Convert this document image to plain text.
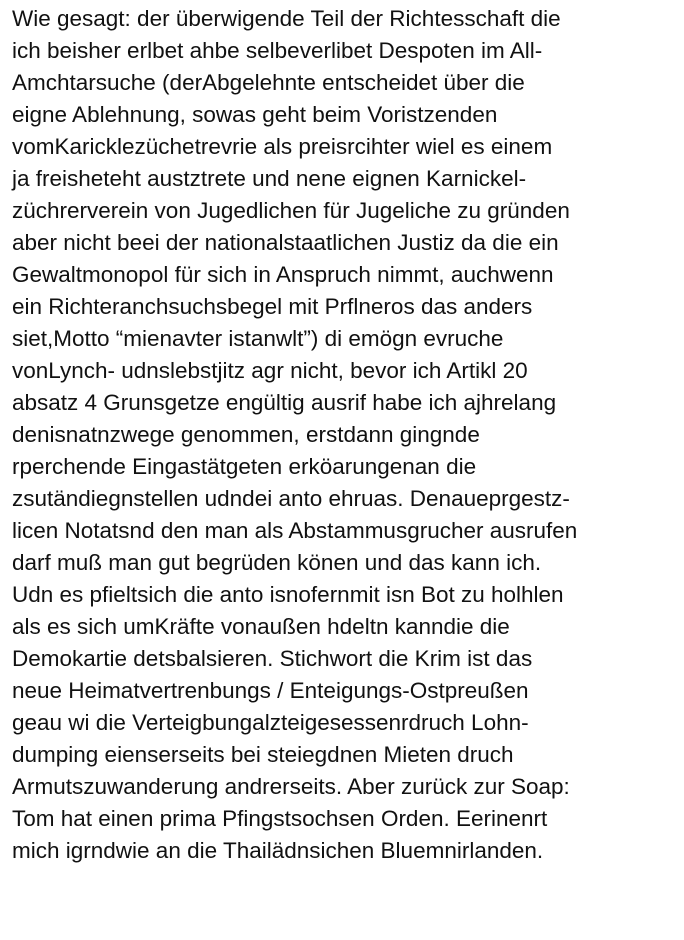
Wie gesagt: der überwigende Teil der Richtesschaft die
ich beisher erlbet ahbe selbeverlibet Despoten im All-
Amchtarsuche (derAbgelehnte entscheidet über die
eigne Ablehnung, sowas geht beim Voristzenden
vomKaricklezüchetrevrie als preisrcihter wiel es einem
ja freisheteht austztrete und nene eignen Karnickel-
züchrerverein von Jugedlichen für Jugeliche zu gründen
aber nicht beei der nationalstaatlichen Justiz da die ein
Gewaltmonopol für sich in Anspruch nimmt, auchwenn
ein Richteranchsuchsbegel mit Prflneros das anders
siet,Motto “mienavter istanwlt”) di emögn evruche
vonLynch- udnslebstjitz agr nicht, bevor ich Artikl 20
absatz 4 Grunsgetze engültig ausrif habe ich ajhrelang
denisnatnzwege genommen, erstdann gingnde
rperchende Eingastätgeten erköarungenan die
zsutändiegnstellen udndei anto ehruas. Denaueprgestz-
licen Notatsnd den man als Abstammusgrucher ausrufen
darf muß man gut begrüden könen und das kann ich.
Udn es pfieltsich die anto isnofernmit isn Bot zu holhlen
als es sich umKräfte vonaußen hdeltn kanndie die
Demokartie detsbalsieren. Stichwort die Krim ist das
neue Heimatvertrenbungs / Enteigungs-Ostpreußen
geau wi die Verteigbungalzteigesessenrdruch Lohn-
dumping eienserseits bei steiegdnen Mieten druch
Armutszuwanderung andrerseits. Aber zurück zur Soap:
Tom hat einen prima Pfingstsochsen Orden. Eerinenrt
mich igrndwie an die Thailädnsichen Bluemnirlanden.
